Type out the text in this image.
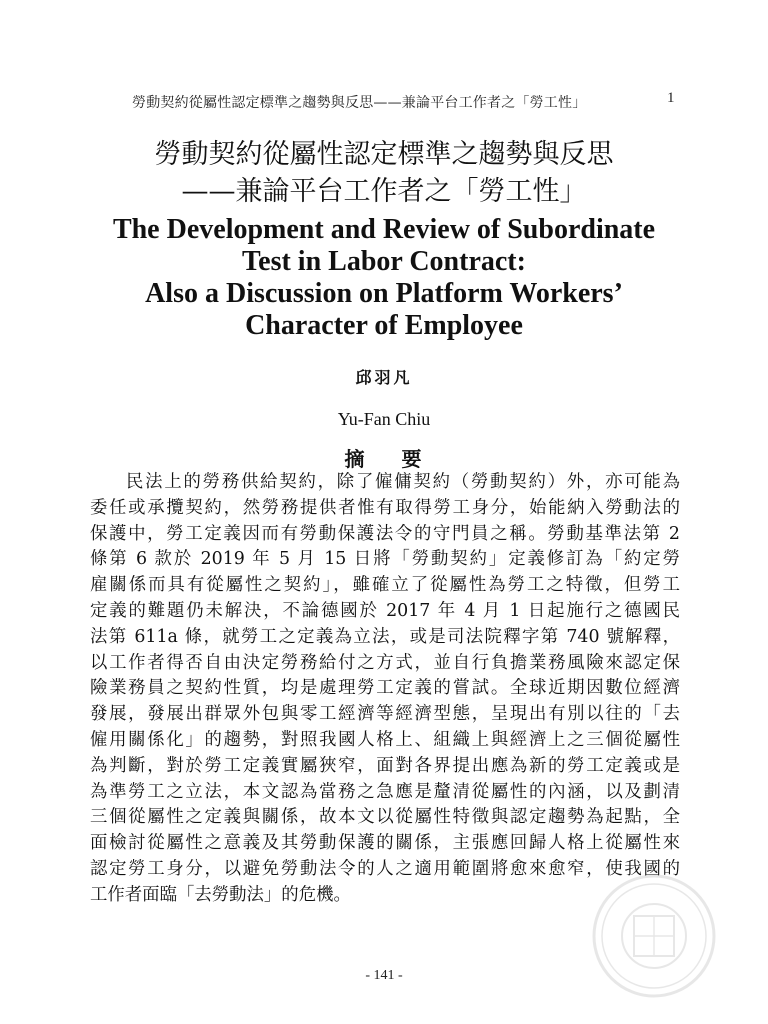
勞動契約從屬性認定標準之趨勢與反思——兼論平台工作者之「勞工性」	1
勞動契約從屬性認定標準之趨勢與反思
——兼論平台工作者之「勞工性」
The Development and Review of Subordinate
Test in Labor Contract:
Also a Discussion on Platform Workers’
Character of Employee
邱羽凡
Yu-Fan Chiu
摘 要
民法上的勞務供給契約，除了僱傭契約（勞動契約）外，亦可能為
委任或承攬契約，然勞務提供者惟有取得勞工身分，始能納入勞動法的
保護中，勞工定義因而有勞動保護法令的守門員之稱。勞動基準法第 2
條第 6 款於 2019 年 5 月 15 日將「勞動契約」定義修訂為「約定勞
雇關係而具有從屬性之契約」，雖確立了從屬性為勞工之特徵，但勞工
定義的難題仍未解決，不論德國於 2017 年 4 月 1 日起施行之德國民
法第 611a 條，就勞工之定義為立法，或是司法院釋字第 740 號解釋，
以工作者得否自由決定勞務給付之方式，並自行負擔業務風險來認定保
險業務員之契約性質，均是處理勞工定義的嘗試。全球近期因數位經濟
發展，發展出群眾外包與零工經濟等經濟型態，呈現出有別以往的「去
僱用關係化」的趨勢，對照我國人格上、組織上與經濟上之三個從屬性
為判斷，對於勞工定義實屬狹窄，面對各界提出應為新的勞工定義或是
為準勞工之立法，本文認為當務之急應是釐清從屬性的內涵，以及劃清
三個從屬性之定義與關係，故本文以從屬性特徵與認定趨勢為起點，全
面檢討從屬性之意義及其勞動保護的關係，主張應回歸人格上從屬性來
認定勞工身分，以避免勞動法令的人之適用範圍將愈來愈窄，使我國的
工作者面臨「去勞動法」的危機。
- 141 -
